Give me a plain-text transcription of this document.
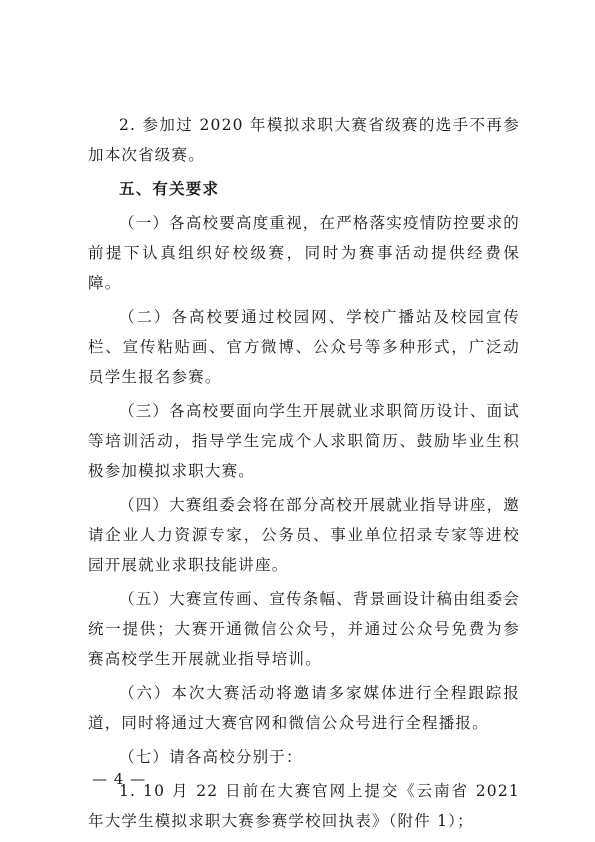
2. 参加过 2020 年模拟求职大赛省级赛的选手不再参加本次省级赛。

五、有关要求

（一）各高校要高度重视，在严格落实疫情防控要求的前提下认真组织好校级赛，同时为赛事活动提供经费保障。

（二）各高校要通过校园网、学校广播站及校园宣传栏、宣传粘贴画、官方微博、公众号等多种形式，广泛动员学生报名参赛。

（三）各高校要面向学生开展就业求职简历设计、面试等培训活动，指导学生完成个人求职简历、鼓励毕业生积极参加模拟求职大赛。

（四）大赛组委会将在部分高校开展就业指导讲座，邀请企业人力资源专家，公务员、事业单位招录专家等进校园开展就业求职技能讲座。

（五）大赛宣传画、宣传条幅、背景画设计稿由组委会统一提供；大赛开通微信公众号，并通过公众号免费为参赛高校学生开展就业指导培训。

（六）本次大赛活动将邀请多家媒体进行全程跟踪报道，同时将通过大赛官网和微信公众号进行全程播报。

（七）请各高校分别于：

1. 10 月 22 日前在大赛官网上提交《云南省 2021 年大学生模拟求职大赛参赛学校回执表》（附件 1）；

— 4 —
